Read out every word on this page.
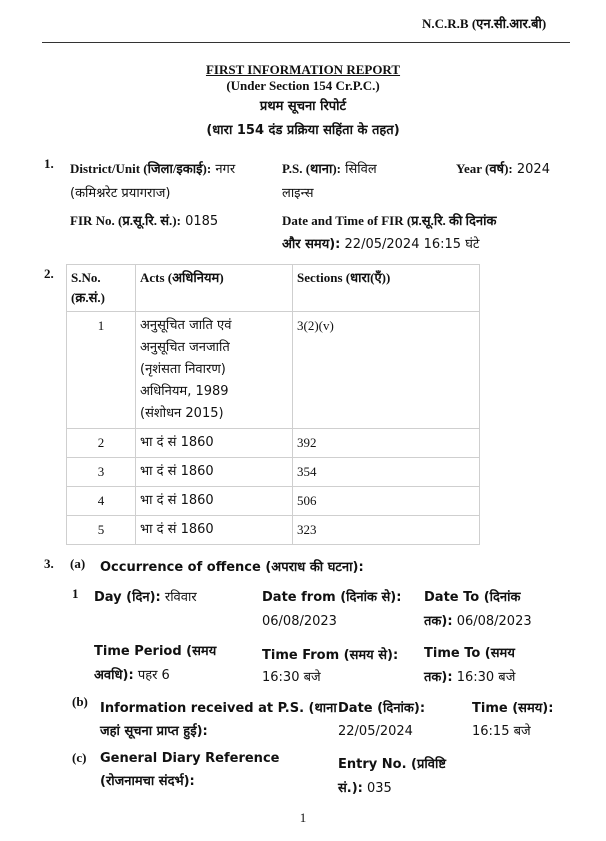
N.C.R.B (एन.सी.आर.बी)
FIRST INFORMATION REPORT
(Under Section 154 Cr.P.C.)
प्रथम सूचना रिपोर्ट
(धारा 154 दंड प्रक्रिया सहिंता के तहत)
1. District/Unit (जिला/इकाई): नगर
(कमिश्नरेट प्रयागराज)
P.S. (थाना): सिविल
लाइन्स
Year (वर्ष): 2024
FIR No. (प्र.सू.रि. सं.): 0185	Date and Time of FIR (प्र.सू.रि. की दिनांक
और समय): 22/05/2024 16:15 घंटे
2. S.No.
(क्र.सं.)	Acts (अधिनियम)	Sections (धारा(एँ))
1	अनुसूचित जाति एवं
अनुसूचित जनजाति
(नृशंसता निवारण)
अधिनियम, 1989
(संशोधन 2015)	3(2)(v)
2	भा दं सं 1860	392
3	भा दं सं 1860	354
4	भा दं सं 1860	506
5	भा दं सं 1860	323
3. (a) Occurrence of offence (अपराध की घटना):
1 Day (दिन): रविवार	Date from (दिनांक से):
06/08/2023
Date To (दिनांक
तक): 06/08/2023
Time Period (समय
अवधि): पहर 6
Time From (समय से):
16:30 बजे
Time To (समय
तक): 16:30 बजे
(b) Information received at P.S. (थाना
जहां सूचना प्राप्त हुई):
Date (दिनांक):
22/05/2024
Time (समय):
16:15 बजे
(c) General Diary Reference
(रोजनामचा संदर्भ):
Entry No. (प्रविष्टि
सं.): 035
1
